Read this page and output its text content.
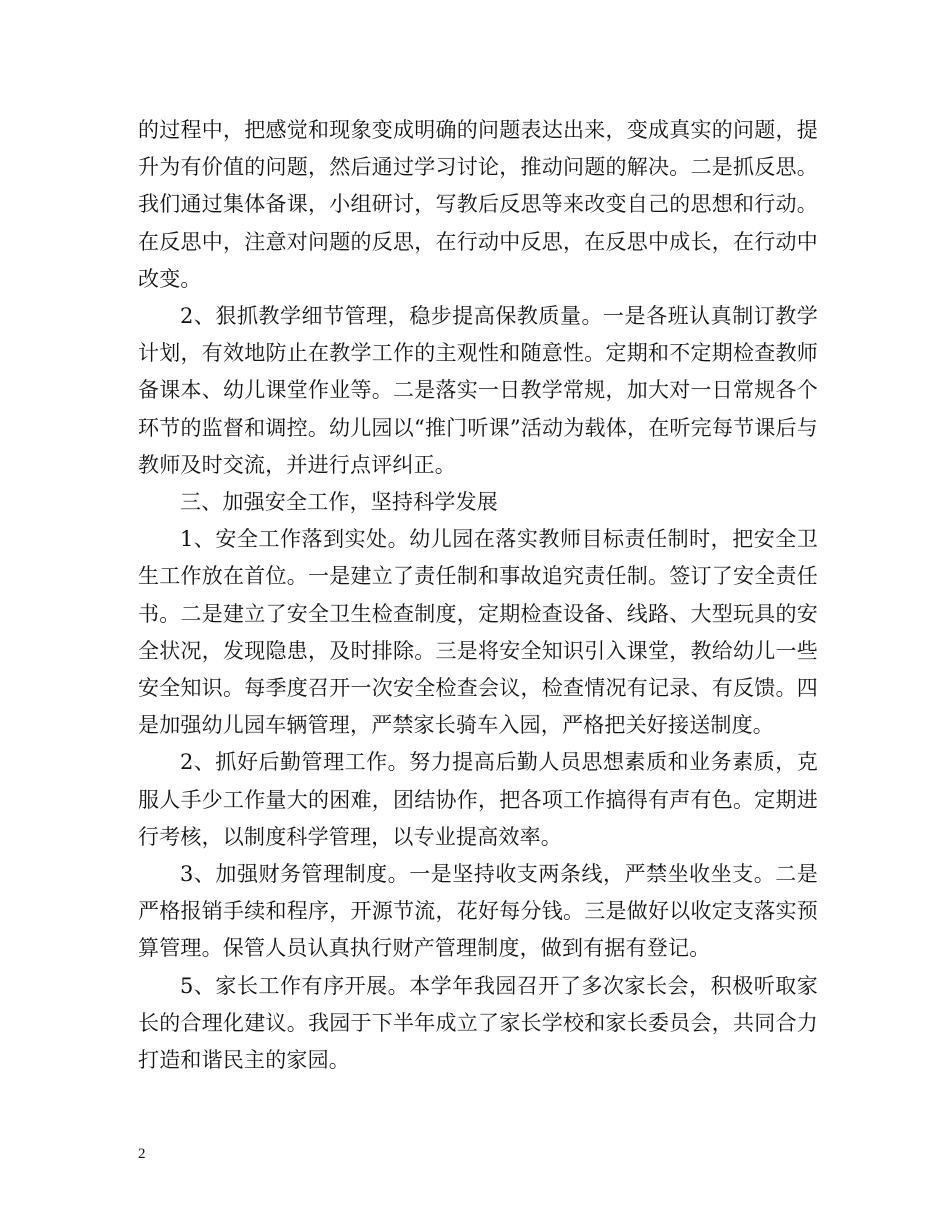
的过程中，把感觉和现象变成明确的问题表达出来，变成真实的问题，提升为有价值的问题，然后通过学习讨论，推动问题的解决。二是抓反思。我们通过集体备课，小组研讨，写教后反思等来改变自己的思想和行动。在反思中，注意对问题的反思，在行动中反思，在反思中成长，在行动中改变。

2、狠抓教学细节管理，稳步提高保教质量。一是各班认真制订教学计划，有效地防止在教学工作的主观性和随意性。定期和不定期检查教师备课本、幼儿课堂作业等。二是落实一日教学常规，加大对一日常规各个环节的监督和调控。幼儿园以“推门听课”活动为载体，在听完每节课后与教师及时交流，并进行点评纠正。

三、加强安全工作，坚持科学发展

1、安全工作落到实处。幼儿园在落实教师目标责任制时，把安全卫生工作放在首位。一是建立了责任制和事故追究责任制。签订了安全责任书。二是建立了安全卫生检查制度，定期检查设备、线路、大型玩具的安全状况，发现隐患，及时排除。三是将安全知识引入课堂，教给幼儿一些安全知识。每季度召开一次安全检查会议，检查情况有记录、有反馈。四是加强幼儿园车辆管理，严禁家长骑车入园，严格把关好接送制度。

2、抓好后勤管理工作。努力提高后勤人员思想素质和业务素质，克服人手少工作量大的困难，团结协作，把各项工作搞得有声有色。定期进行考核，以制度科学管理，以专业提高效率。

3、加强财务管理制度。一是坚持收支两条线，严禁坐收坐支。二是严格报销手续和程序，开源节流，花好每分钱。三是做好以收定支落实预算管理。保管人员认真执行财产管理制度，做到有据有登记。

5、家长工作有序开展。本学年我园召开了多次家长会，积极听取家长的合理化建议。我园于下半年成立了家长学校和家长委员会，共同合力打造和谐民主的家园。

2
